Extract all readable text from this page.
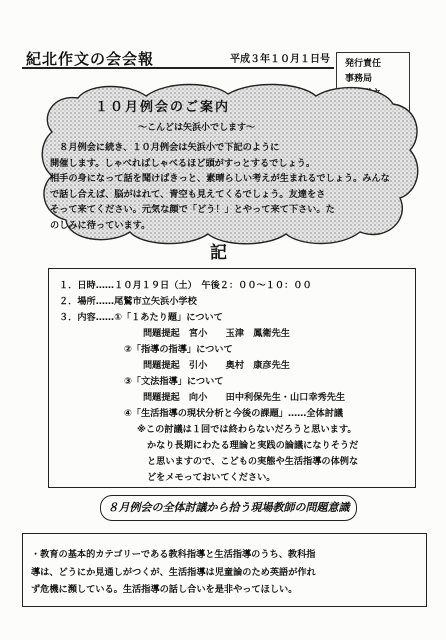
紀北作文の会会報	平成３年１０月１日号	発行責任
事務局
１０月例会のご案内
～こんどは矢浜小でします～
　８月例会に続き、１０月例会は矢浜小で下記のように
開催します。しゃべればしゃべるほど頭がすっとするでしょう。
相手の身になって話を聞けばきっと、素晴らしい考えが生まれるでしょう。みんな
で話し合えば、脳がはれて、青空も見えてくるでしょう。友達をさ
そって来てください。元気な顔で「どう！」とやって来て下さい。た
のしみに待っています。
記
１．日時……１０月１９日（土）　午後２：００～１０：００
２．場所……尾鷲市立矢浜小学校
３．内容……①「１あたり題」について
問題提起　宮小　　玉津　鳳衛先生
②「指導の指導」について
問題提起　引小　　奥村　康彦先生
③「文法指導」について
問題提起　向小　　田中利保先生・山口幸秀先生
④「生活指導の現状分析と今後の課題」……全体討議
※この討議は１回では終わらないだろうと思います。
かなり長期にわたる理論と実践の論議になりそうだ
と思いますので、こどもの実態や生活指導の体例な
どをメモっておいてください。
８月例会の全体討議から拾う現場教師の問題意識
・教育の基本的カテゴリーである教科指導と生活指導のうち、教科指
導は、どうにか見通しがつくが、生活指導は児童論のため英語が作れ
ず危機に瀕している。生活指導の話し合いを是非やってほしい。
